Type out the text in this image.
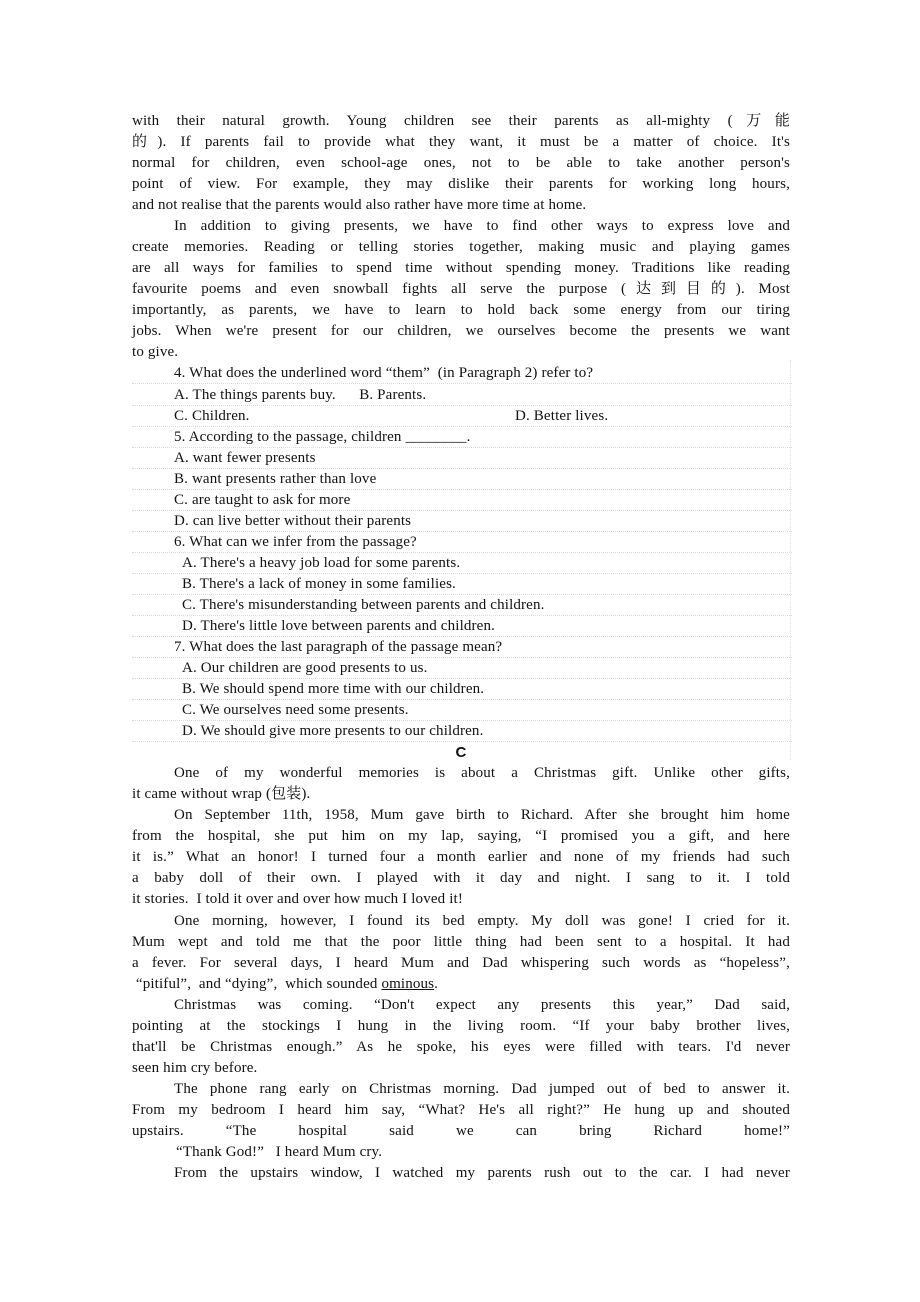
with their natural growth. Young children see their parents as all-mighty (万能
的). If parents fail to provide what they want, it must be a matter of choice. It's
normal for children, even school-age ones, not to be able to take another person's
point of view. For example, they may dislike their parents for working long hours,
and not realise that the parents would also rather have more time at home.
In addition to giving presents, we have to find other ways to express love and
create memories. Reading or telling stories together, making music and playing games
are all ways for families to spend time without spending money. Traditions like reading
favourite poems and even snowball fights all serve the purpose (达到目的). Most
importantly, as parents, we have to learn to hold back some energy from our tiring
jobs. When we're present for our children, we ourselves become the presents we want
to give.
4. What does the underlined word “them”  (in Paragraph 2) refer to?
A. The things parents buy.      B. Parents.
C. Children.	D. Better lives.
5. According to the passage, children ________.
A. want fewer presents
B. want presents rather than love
C. are taught to ask for more
D. can live better without their parents
6. What can we infer from the passage?
A. There's a heavy job load for some parents.
B. There's a lack of money in some families.
C. There's misunderstanding between parents and children.
D. There's little love between parents and children.
7. What does the last paragraph of the passage mean?
A. Our children are good presents to us.
B. We should spend more time with our children.
C. We ourselves need some presents.
D. We should give more presents to our children.
C
One of my wonderful memories is about a Christmas gift. Unlike other gifts,
it came without wrap (包装).
On September 11th, 1958, Mum gave birth to Richard. After she brought him home
from the hospital, she put him on my lap, saying, “I promised you a gift, and here
it is.” What an honor! I turned four a month earlier and none of my friends had such
a baby doll of their own. I played with it day and night. I sang to it. I told
it stories.  I told it over and over how much I loved it!
One morning, however, I found its bed empty. My doll was gone! I cried for it.
Mum wept and told me that the poor little thing had been sent to a hospital. It had
a fever. For several days, I heard Mum and Dad whispering such words as “hopeless”,
“pitiful”,  and “dying”,  which sounded ominous.
Christmas was coming. “Don't expect any presents this year,” Dad said,
pointing at the stockings I hung in the living room. “If your baby brother lives,
that'll be Christmas enough.” As he spoke, his eyes were filled with tears. I'd never
seen him cry before.
The phone rang early on Christmas morning. Dad jumped out of bed to answer it.
From my bedroom I heard him say, “What? He's all right?” He hung up and shouted
upstairs. “The hospital said we can bring Richard home!”
“Thank God!”   I heard Mum cry.
From the upstairs window, I watched my parents rush out to the car. I had never
